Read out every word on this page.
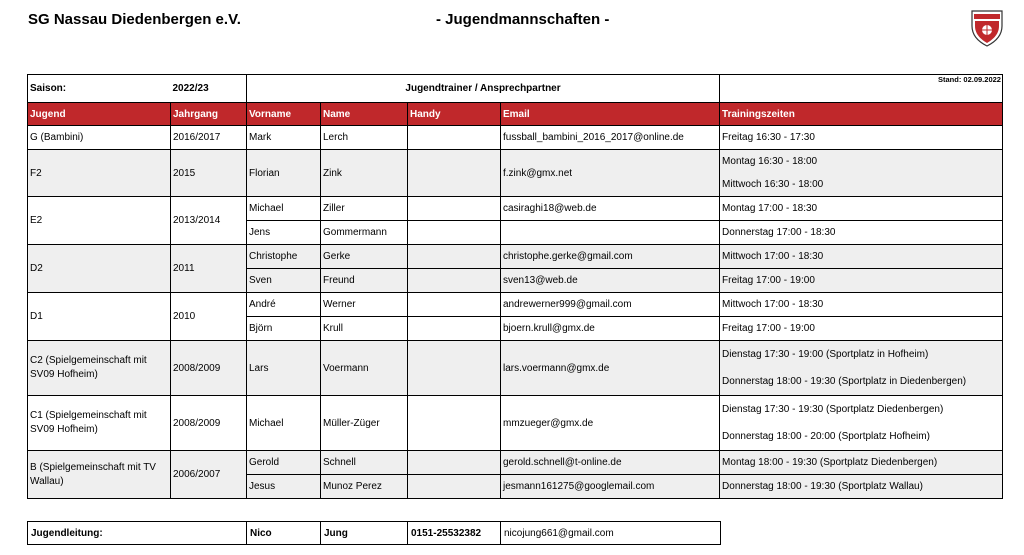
SG Nassau Diedenbergen e.V.	- Jugendmannschaften -
Stand: 02.09.2022
Saison:	2022/23	Jugendtrainer / Ansprechpartner				
Jugend	Jahrgang	Vorname	Name	Handy	Email	Trainingszeiten
G (Bambini)	2016/2017	Mark	Lerch		fussball_bambini_2016_2017@online.de	Freitag 16:30 - 17:30
F2	2015	Florian	Zink		f.zink@gmx.net	Montag 16:30 - 18:00
Mittwoch 16:30 - 18:00

E2	2013/2014	Michael	Ziller		casiraghi18@web.de	Montag 17:00 - 18:30
		Jens	Gommermann			Donnerstag 17:00 - 18:30
D2	2011	Christophe	Gerke		christophe.gerke@gmail.com	Mittwoch 17:00 - 18:30
		Sven	Freund		sven13@web.de	Freitag 17:00 - 19:00
D1	2010	André	Werner		andrewerner999@gmail.com	Mittwoch 17:00 - 18:30
		Björn	Krull		bjoern.krull@gmx.de	Freitag 17:00 - 19:00
C2 (Spielgemeinschaft mit SV09 Hofheim)	2008/2009	Lars	Voermann		lars.voermann@gmx.de	Dienstag 17:30 - 19:00 (Sportplatz in Hofheim)
Donnerstag 18:00 - 19:30 (Sportplatz in Diedenbergen)

C1 (Spielgemeinschaft mit SV09 Hofheim)	2008/2009	Michael	Müller-Züger		mmzueger@gmx.de	Dienstag 17:30 - 19:30 (Sportplatz Diedenbergen)
Donnerstag 18:00 - 20:00 (Sportplatz Hofheim)

B (Spielgemeinschaft mit TV Wallau)	2006/2007	Gerold	Schnell		gerold.schnell@t-online.de	Montag 18:00 - 19:30 (Sportplatz Diedenbergen)
		Jesus	Munoz Perez		jesmann161275@googlemail.com	Donnerstag 18:00 - 19:30 (Sportplatz Wallau)
Jugendleitung:	Nico	Jung	0151-25532382	nicojung661@gmail.com
